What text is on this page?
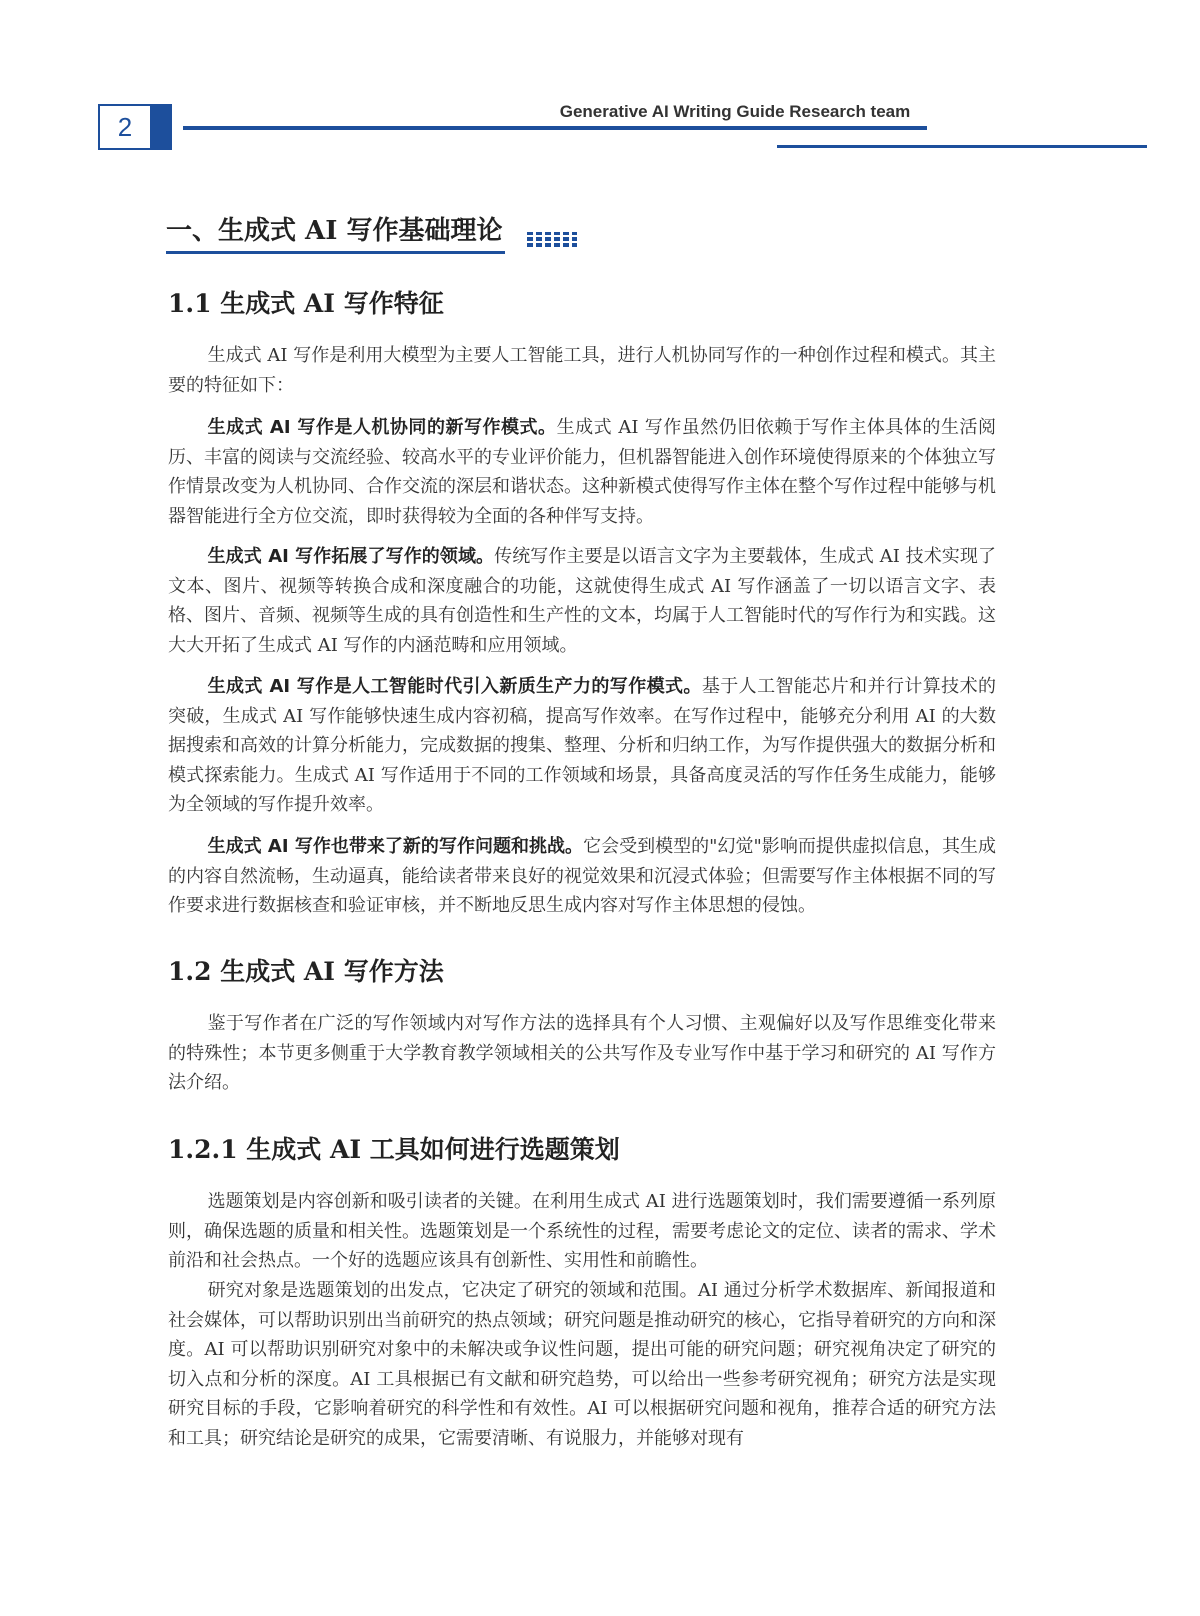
2
Generative AI Writing Guide Research team
一、生成式 AI 写作基础理论
1.1 生成式 AI 写作特征
生成式 AI 写作是利用大模型为主要人工智能工具，进行人机协同写作的一种创作过程和模式。其主要的特征如下：
生成式 AI 写作是人机协同的新写作模式。生成式 AI 写作虽然仍旧依赖于写作主体具体的生活阅历、丰富的阅读与交流经验、较高水平的专业评价能力，但机器智能进入创作环境使得原来的个体独立写作情景改变为人机协同、合作交流的深层和谐状态。这种新模式使得写作主体在整个写作过程中能够与机器智能进行全方位交流，即时获得较为全面的各种伴写支持。
生成式 AI 写作拓展了写作的领域。传统写作主要是以语言文字为主要载体，生成式 AI 技术实现了文本、图片、视频等转换合成和深度融合的功能，这就使得生成式 AI 写作涵盖了一切以语言文字、表格、图片、音频、视频等生成的具有创造性和生产性的文本，均属于人工智能时代的写作行为和实践。这大大开拓了生成式 AI 写作的内涵范畴和应用领域。
生成式 AI 写作是人工智能时代引入新质生产力的写作模式。基于人工智能芯片和并行计算技术的突破，生成式 AI 写作能够快速生成内容初稿，提高写作效率。在写作过程中，能够充分利用 AI 的大数据搜索和高效的计算分析能力，完成数据的搜集、整理、分析和归纳工作，为写作提供强大的数据分析和模式探索能力。生成式 AI 写作适用于不同的工作领域和场景，具备高度灵活的写作任务生成能力，能够为全领域的写作提升效率。
生成式 AI 写作也带来了新的写作问题和挑战。它会受到模型的"幻觉"影响而提供虚拟信息，其生成的内容自然流畅，生动逼真，能给读者带来良好的视觉效果和沉浸式体验；但需要写作主体根据不同的写作要求进行数据核查和验证审核，并不断地反思生成内容对写作主体思想的侵蚀。
1.2 生成式 AI 写作方法
鉴于写作者在广泛的写作领域内对写作方法的选择具有个人习惯、主观偏好以及写作思维变化带来的特殊性；本节更多侧重于大学教育教学领域相关的公共写作及专业写作中基于学习和研究的 AI 写作方法介绍。
1.2.1 生成式 AI 工具如何进行选题策划
选题策划是内容创新和吸引读者的关键。在利用生成式 AI 进行选题策划时，我们需要遵循一系列原则，确保选题的质量和相关性。选题策划是一个系统性的过程，需要考虑论文的定位、读者的需求、学术前沿和社会热点。一个好的选题应该具有创新性、实用性和前瞻性。
研究对象是选题策划的出发点，它决定了研究的领域和范围。AI 通过分析学术数据库、新闻报道和社会媒体，可以帮助识别出当前研究的热点领域；研究问题是推动研究的核心，它指导着研究的方向和深度。AI 可以帮助识别研究对象中的未解决或争议性问题，提出可能的研究问题；研究视角决定了研究的切入点和分析的深度。AI 工具根据已有文献和研究趋势，可以给出一些参考研究视角；研究方法是实现研究目标的手段，它影响着研究的科学性和有效性。AI 可以根据研究问题和视角，推荐合适的研究方法和工具；研究结论是研究的成果，它需要清晰、有说服力，并能够对现有
